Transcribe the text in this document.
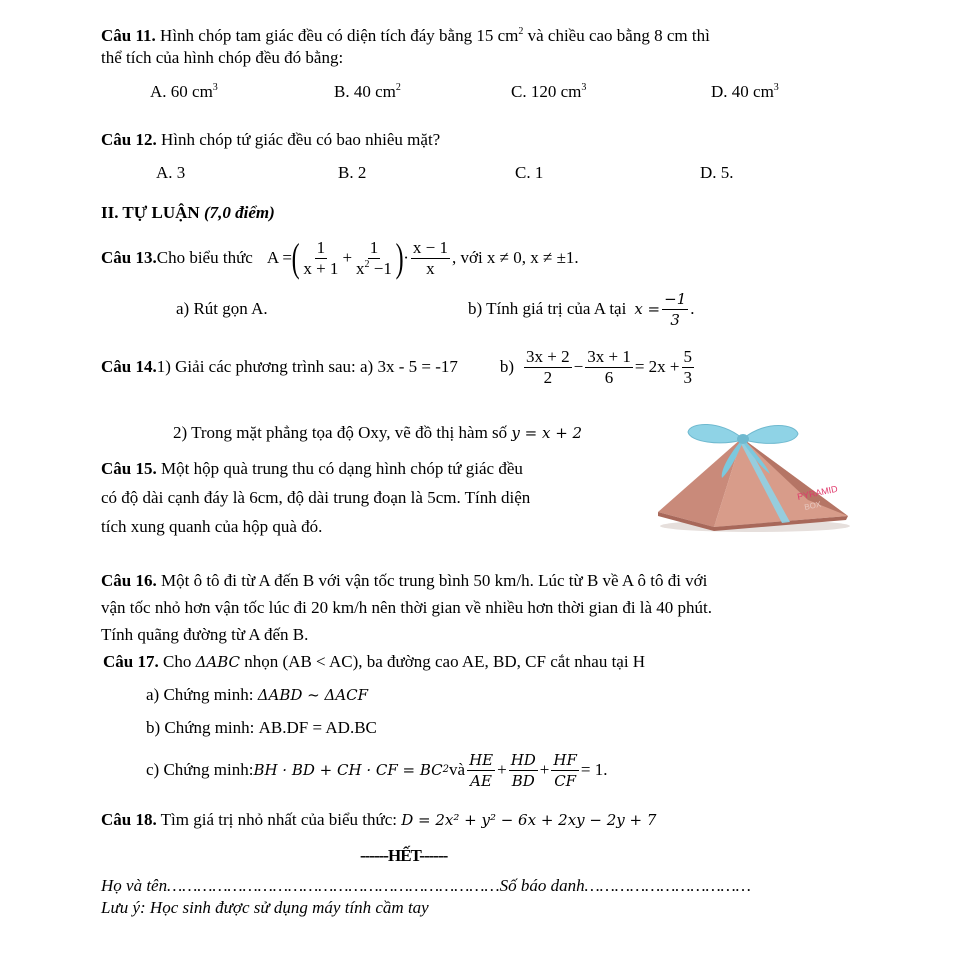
Câu 11. Hình chóp tam giác đều có diện tích đáy bằng 15 $cm^2$ và chiều cao bằng 8 cm thì
thể tích của hình chóp đều đó bằng:
A. 60 $cm^3$	B. 40 $cm^2$	C. 120 $cm^3$	D. 40 $cm^3$
Câu 12. Hình chóp tứ giác đều có bao nhiêu mặt?
A. 3	B. 2	C. 1	D. 5.
II. TỰ LUẬN (7,0 điểm)
Câu 13. Cho biểu thức A = ( $\frac{1}{x + 1} + \frac{1}{x^2 -1}$ ) · $\frac{x - 1}{x}$ , với x ≠ 0, x ≠ ±1.
a) Rút gọn A.	b) Tính giá trị của A tại $x = \frac{-1}{3}$ .
Câu 14. 1) Giải các phương trình sau: a) 3x - 5 = -17 $b) \frac{3x + 2}{2} - \frac{3x + 1}{6} = 2x + \frac{5}{3}$
2) Trong mặt phẳng tọa độ Oxy, vẽ đồ thị hàm số y = x + 2
Câu 15. Một hộp quà trung thu có dạng hình chóp tứ giác đều
có độ dài cạnh đáy là 6cm, độ dài trung đoạn là 5cm. Tính diện
tích xung quanh của hộp quà đó.
PYRAMID
BOX
Câu 16. Một ô tô đi từ A đến B với vận tốc trung bình 50 km/h. Lúc từ B về A ô tô đi với
vận tốc nhỏ hơn vận tốc lúc đi 20 km/h nên thời gian về nhiều hơn thời gian đi là 40 phút.
Tính quãng đường từ A đến B.
Câu 17. Cho ΔABC nhọn (AB < AC), ba đường cao AE, BD, CF cắt nhau tại H
a) Chứng minh: ΔABD ~ ΔACF
b) Chứng minh: AB.DF = AD.BC
c) Chứng minh: BH · BD + CH · CF = BC 2 và $\frac{HE}{AE} + \frac{HD}{BD} + \frac{HF}{CF} = 1$.
Câu 18. Tìm giá trị nhỏ nhất của biểu thức: D = 2x² + y² − 6x + 2xy − 2y + 7
------HẾT------
Họ và tên…………………………………………………………Số báo danh……………………………
Lưu ý: Học sinh được sử dụng máy tính cầm tay
